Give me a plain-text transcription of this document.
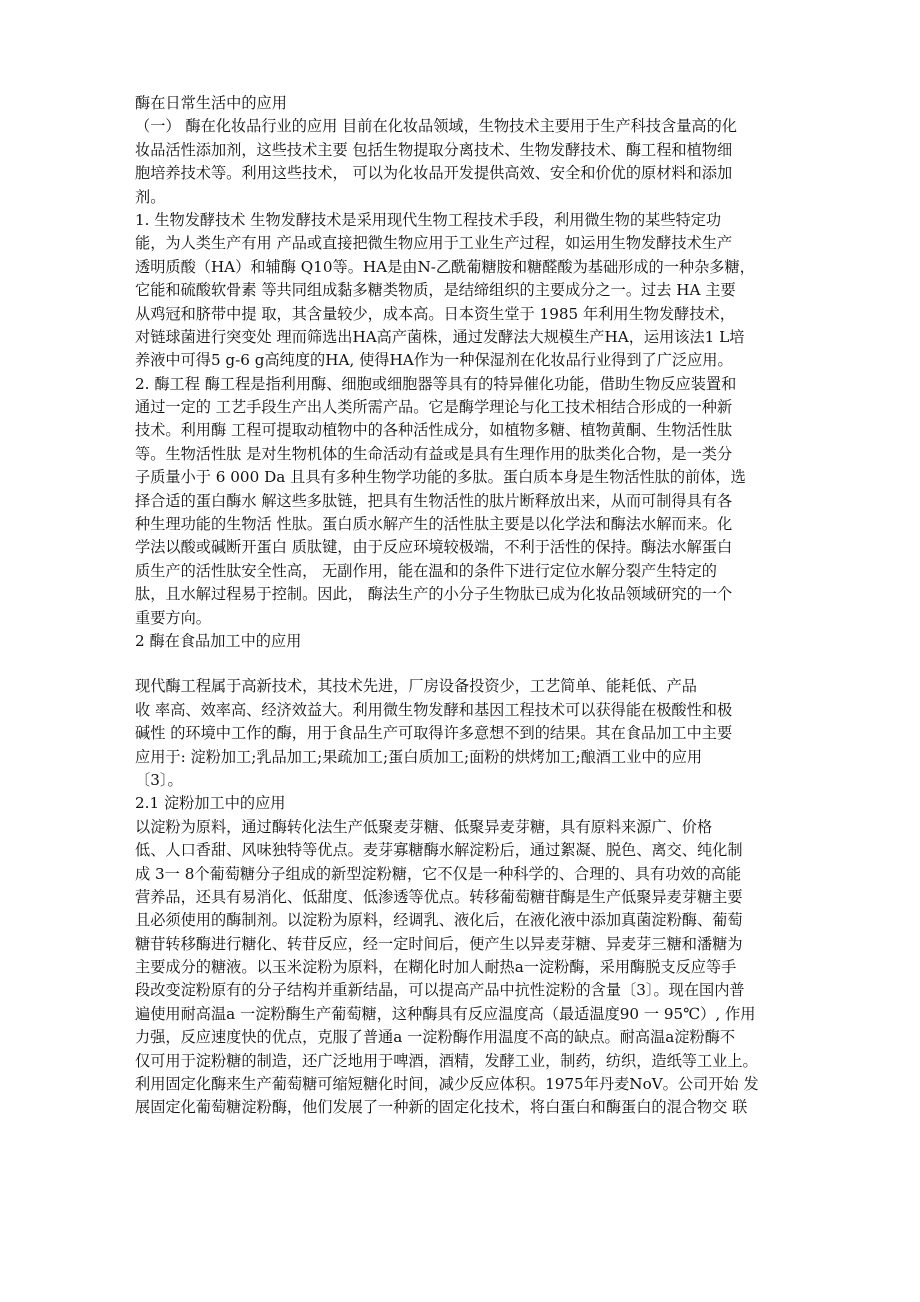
酶在日常生活中的应用
（一） 酶在化妆品行业的应用 目前在化妆品领域，生物技术主要用于生产科技含量高的化
妆品活性添加剂，这些技术主要 包括生物提取分离技术、生物发酵技术、酶工程和植物细
胞培养技术等。利用这些技术， 可以为化妆品开发提供高效、安全和价优的原材料和添加
剂。
1. 生物发酵技术 生物发酵技术是采用现代生物工程技术手段，利用微生物的某些特定功
能，为人类生产有用 产品或直接把微生物应用于工业生产过程，如运用生物发酵技术生产
透明质酸（HA）和辅酶 Q10等。HA是由N-乙酰葡糖胺和糖醛酸为基础形成的一种杂多糖，
它能和硫酸软骨素 等共同组成黏多糖类物质，是结缔组织的主要成分之一。过去 HA 主要
从鸡冠和脐带中提 取，其含量较少，成本高。日本资生堂于 1985 年利用生物发酵技术，
对链球菌进行突变处 理而筛选出HA高产菌株，通过发酵法大规模生产HA，运用该法1 L培
养液中可得5 g-6 g高纯度的HA, 使得HA作为一种保湿剂在化妆品行业得到了广泛应用。
2. 酶工程 酶工程是指利用酶、细胞或细胞器等具有的特异催化功能，借助生物反应装置和
通过一定的 工艺手段生产出人类所需产品。它是酶学理论与化工技术相结合形成的一种新
技术。利用酶 工程可提取动植物中的各种活性成分，如植物多糖、植物黄酮、生物活性肽
等。生物活性肽 是对生物机体的生命活动有益或是具有生理作用的肽类化合物，是一类分
子质量小于 6 000 Da 且具有多种生物学功能的多肽。蛋白质本身是生物活性肽的前体，选
择合适的蛋白酶水 解这些多肽链，把具有生物活性的肽片断释放出来，从而可制得具有各
种生理功能的生物活 性肽。蛋白质水解产生的活性肽主要是以化学法和酶法水解而来。化
学法以酸或碱断开蛋白 质肽键，由于反应环境较极端，不利于活性的保持。酶法水解蛋白
质生产的活性肽安全性高， 无副作用，能在温和的条件下进行定位水解分裂产生特定的
肽，且水解过程易于控制。因此， 酶法生产的小分子生物肽已成为化妆品领域研究的一个
重要方向。
2 酶在食品加工中的应用
现代酶工程属于高新技术，其技术先进，厂房设备投资少，工艺简单、能耗低、产品
收 率高、效率高、经济效益大。利用微生物发酵和基因工程技术可以获得能在极酸性和极
碱性 的环境中工作的酶，用于食品生产可取得许多意想不到的结果。其在食品加工中主要
应用于: 淀粉加工;乳品加工;果疏加工;蛋白质加工;面粉的烘烤加工;酿酒工业中的应用
〔3〕。
2.1 淀粉加工中的应用
以淀粉为原料，通过酶转化法生产低聚麦芽糖、低聚异麦芽糖，具有原料来源广、价格
低、人口香甜、风味独特等优点。麦芽寡糖酶水解淀粉后，通过絮凝、脱色、离交、纯化制
成 3一 8个葡萄糖分子组成的新型淀粉糖，它不仅是一种科学的、合理的、具有功效的高能
营养品，还具有易消化、低甜度、低渗透等优点。转移葡萄糖苷酶是生产低聚异麦芽糖主要
且必须使用的酶制剂。以淀粉为原料，经调乳、液化后，在液化液中添加真菌淀粉酶、葡萄
糖苷转移酶进行糖化、转苷反应，经一定时间后，便产生以异麦芽糖、异麦芽三糖和潘糖为
主要成分的糖液。以玉米淀粉为原料，在糊化时加人耐热a一淀粉酶，采用酶脱支反应等手
段改变淀粉原有的分子结构并重新结晶，可以提高产品中抗性淀粉的含量〔3〕。现在国内普
遍使用耐高温a 一淀粉酶生产葡萄糖，这种酶具有反应温度高（最适温度90 一 95℃）, 作用
力强，反应速度快的优点，克服了普通a 一淀粉酶作用温度不高的缺点。耐高温a淀粉酶不
仅可用于淀粉糖的制造，还广泛地用于啤酒，酒精，发酵工业，制药，纺织，造纸等工业上。
利用固定化酶来生产葡萄糖可缩短糖化时间，减少反应体积。1975年丹麦NoV。公司开始 发
展固定化葡萄糖淀粉酶，他们发展了一种新的固定化技术，将白蛋白和酶蛋白的混合物交 联
